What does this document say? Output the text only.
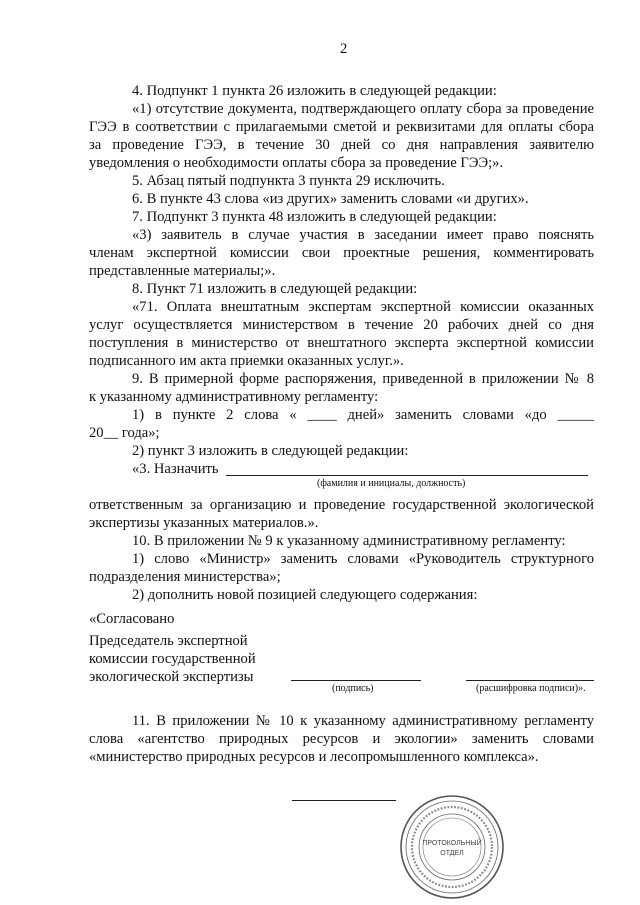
2
4. Подпункт 1 пункта 26 изложить в следующей редакции:
«1) отсутствие документа, подтверждающего оплату сбора за проведение
ГЭЭ в соответствии с прилагаемыми сметой и реквизитами для оплаты сбора
за проведение ГЭЭ, в течение 30 дней со дня направления заявителю
уведомления о необходимости оплаты сбора за проведение ГЭЭ;».
5. Абзац пятый подпункта 3 пункта 29 исключить.
6. В пункте 43 слова «из других» заменить словами «и других».
7. Подпункт 3 пункта 48 изложить в следующей редакции:
«3) заявитель в случае участия в заседании имеет право пояснять
членам экспертной комиссии свои проектные решения, комментировать
представленные материалы;».
8. Пункт 71 изложить в следующей редакции:
«71. Оплата внештатным экспертам экспертной комиссии оказанных
услуг осуществляется министерством в течение 20 рабочих дней со дня
поступления в министерство от внештатного эксперта экспертной комиссии
подписанного им акта приемки оказанных услуг.».
9. В примерной форме распоряжения, приведенной в приложении № 8
к указанному административному регламенту:
1) в пункте 2 слова « ____ дней» заменить словами «до _____
20__ года»;
2) пункт 3 изложить в следующей редакции:
«3. Назначить
(фамилия и инициалы, должность)
ответственным за организацию и проведение государственной экологической
экспертизы указанных материалов.».
10. В приложении № 9 к указанному административному регламенту:
1) слово «Министр» заменить словами «Руководитель структурного
подразделения министерства»;
2) дополнить новой позицией следующего содержания:
«Согласовано
Председатель экспертной
комиссии государственной
экологической экспертизы
(подпись)	(расшифровка подписи)».
11. В приложении № 10 к указанному административному регламенту
слова «агентство природных ресурсов и экологии» заменить словами
«министерство природных ресурсов и лесопромышленного комплекса».
ПРОТОКОЛЬНЫЙ
ОТДЕЛ
